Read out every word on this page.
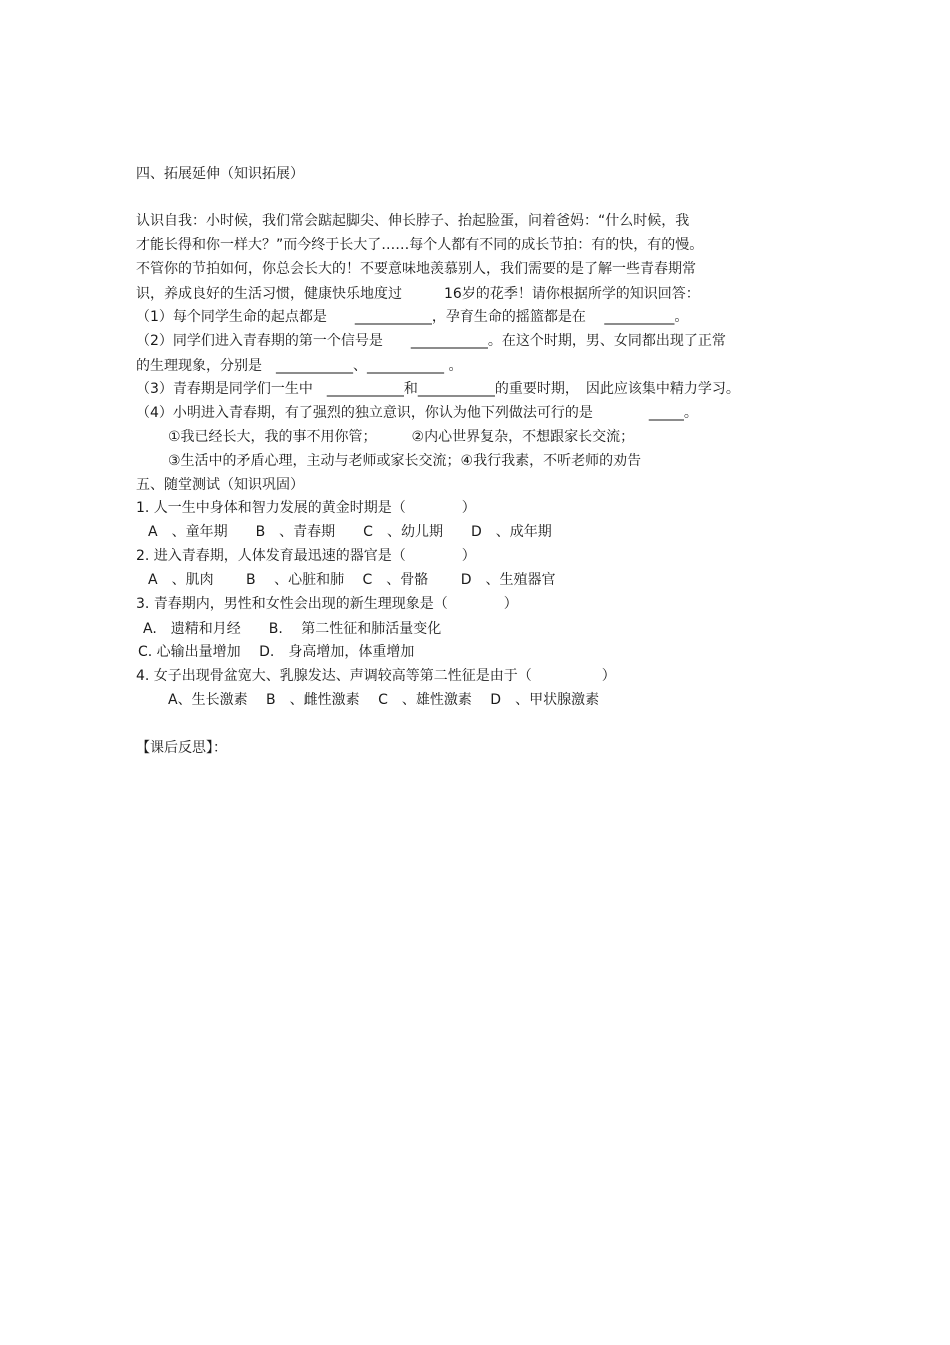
四、拓展延伸（知识拓展）
认识自我：小时候，我们常会踮起脚尖、伸长脖子、抬起脸蛋，问着爸妈：“什么时候，我
才能长得和你一样大？”而今终于长大了……每个人都有不同的成长节拍：有的快，有的慢。
不管你的节拍如何，你总会长大的！不要意味地羡慕别人，我们需要的是了解一些青春期常
识，养成良好的生活习惯，健康快乐地度过　　　16岁的花季！请你根据所学的知识回答：
（1）每个同学生命的起点都是　　___________，孕育生命的摇篮都是在　 __________。
（2）同学们进入青春期的第一个信号是　　___________。在这个时期，男、女同都出现了正常
的生理现象，分别是　___________、___________ 。
（3）青春期是同学们一生中　___________和___________的重要时期，　因此应该集中精力学习。
（4）小明进入青春期，有了强烈的独立意识，你认为他下列做法可行的是　　　　_____。
①我已经长大，我的事不用你管；　　　②内心世界复杂，不想跟家长交流；
③生活中的矛盾心理，主动与老师或家长交流；④我行我素，不听老师的劝告
五、随堂测试（知识巩固）
1. 人一生中身体和智力发展的黄金时期是（　　　　）
A　、童年期　　B　、青春期　　C　、幼儿期　　D　、成年期
2. 进入青春期，人体发育最迅速的器官是（　　　　）
A　、肌肉　　 B　 、心脏和肺　 C　、骨骼　　 D　、生殖器官
3. 青春期内，男性和女性会出现的新生理现象是（　　　　）
A.　遗精和月经　　B.　 第二性征和肺活量变化
C. 心输出量增加　 D.　身高增加，体重增加
4. 女子出现骨盆宽大、乳腺发达、声调较高等第二性征是由于（　　　　　）
A、生长激素　 B　、雌性激素　 C　、雄性激素　 D　、甲状腺激素
【课后反思】：
